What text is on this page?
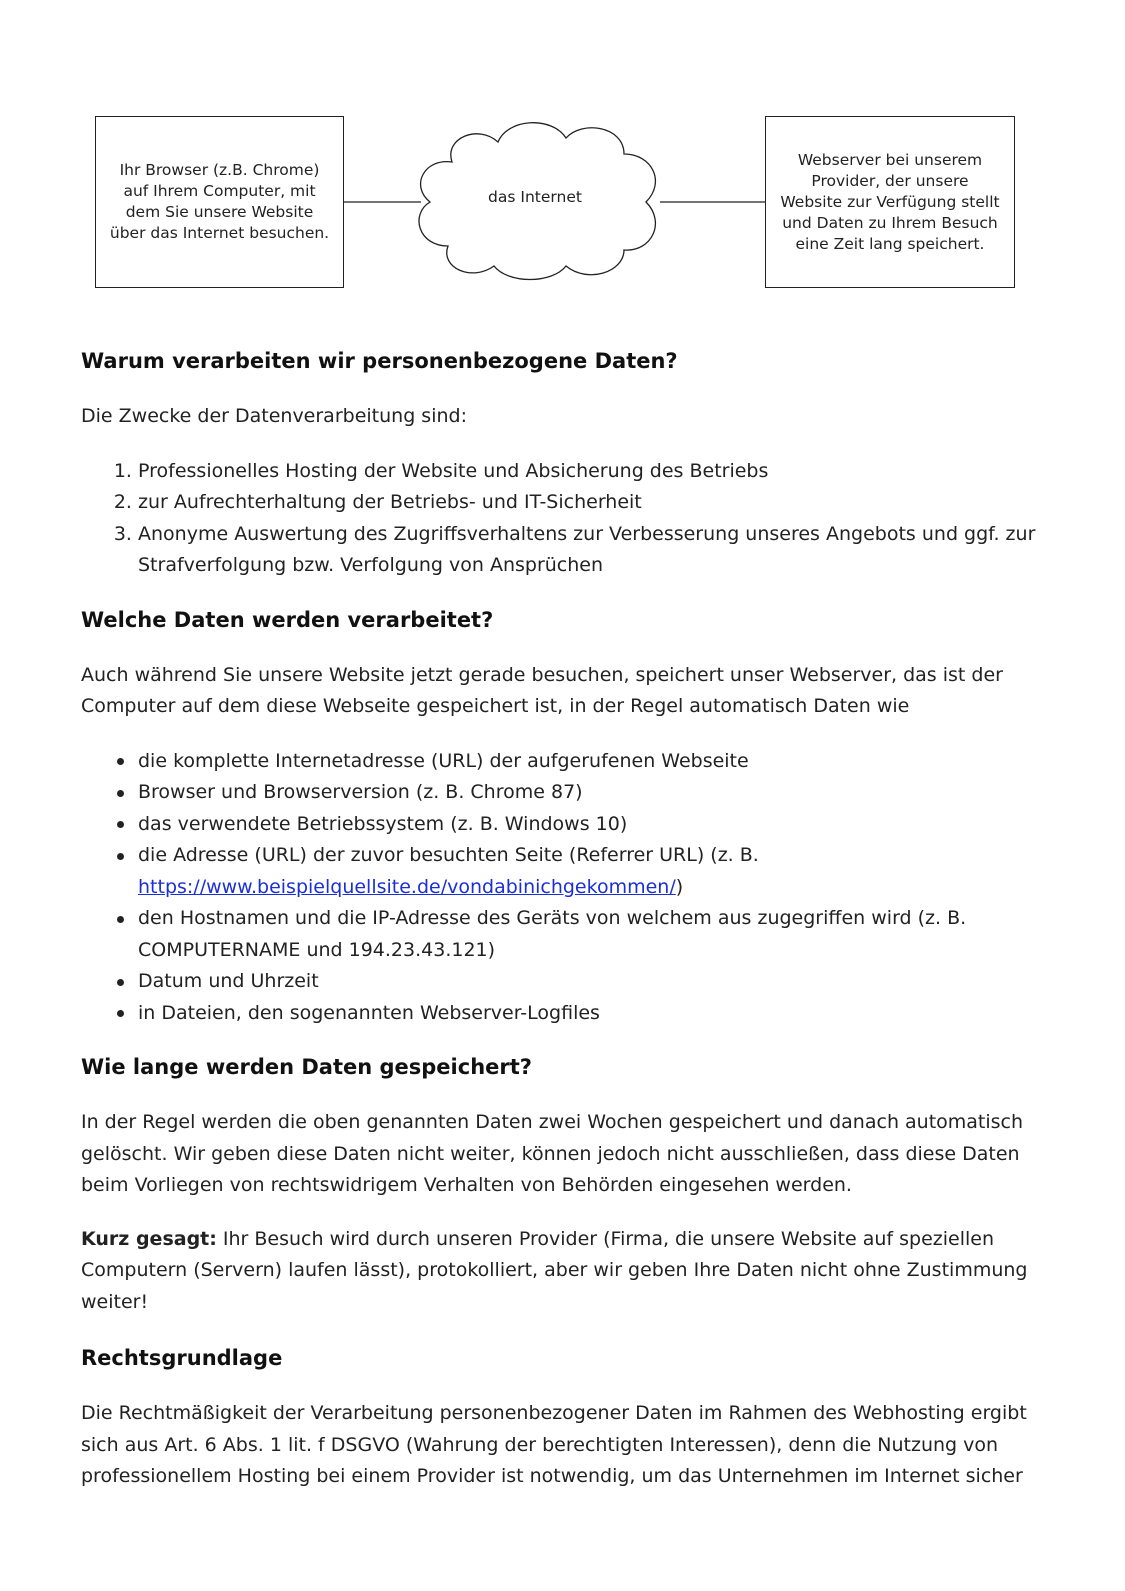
Ihr Browser (z.B. Chrome)
auf Ihrem Computer, mit
dem Sie unsere Website
über das Internet besuchen.
das Internet
Webserver bei unserem
Provider, der unsere
Website zur Verfügung stellt
und Daten zu Ihrem Besuch
eine Zeit lang speichert.
Warum verarbeiten wir personenbezogene Daten?

Die Zwecke der Datenverarbeitung sind:

1. Professionelles Hosting der Website und Absicherung des Betriebs
2. zur Aufrechterhaltung der Betriebs- und IT-Sicherheit
3. Anonyme Auswertung des Zugriffsverhaltens zur Verbesserung unseres Angebots und ggf. zur Strafverfolgung bzw. Verfolgung von Ansprüchen
Welche Daten werden verarbeitet?

Auch während Sie unsere Website jetzt gerade besuchen, speichert unser Webserver, das ist der Computer auf dem diese Webseite gespeichert ist, in der Regel automatisch Daten wie

die komplette Internetadresse (URL) der aufgerufenen Webseite
Browser und Browserversion (z. B. Chrome 87)
das verwendete Betriebssystem (z. B. Windows 10)
die Adresse (URL) der zuvor besuchten Seite (Referrer URL) (z. B.
https://www.beispielquellsite.de/vondabinichgekommen/)
den Hostnamen und die IP-Adresse des Geräts von welchem aus zugegriffen wird (z. B. COMPUTERNAME und 194.23.43.121)
Datum und Uhrzeit
in Dateien, den sogenannten Webserver-Logfiles
Wie lange werden Daten gespeichert?

In der Regel werden die oben genannten Daten zwei Wochen gespeichert und danach automatisch gelöscht. Wir geben diese Daten nicht weiter, können jedoch nicht ausschließen, dass diese Daten beim Vorliegen von rechtswidrigem Verhalten von Behörden eingesehen werden.

Kurz gesagt: Ihr Besuch wird durch unseren Provider (Firma, die unsere Website auf speziellen Computern (Servern) laufen lässt), protokolliert, aber wir geben Ihre Daten nicht ohne Zustimmung weiter!

Rechtsgrundlage

Die Rechtmäßigkeit der Verarbeitung personenbezogener Daten im Rahmen des Webhosting ergibt sich aus Art. 6 Abs. 1 lit. f DSGVO (Wahrung der berechtigten Interessen), denn die Nutzung von professionellem Hosting bei einem Provider ist notwendig, um das Unternehmen im Internet sicher
